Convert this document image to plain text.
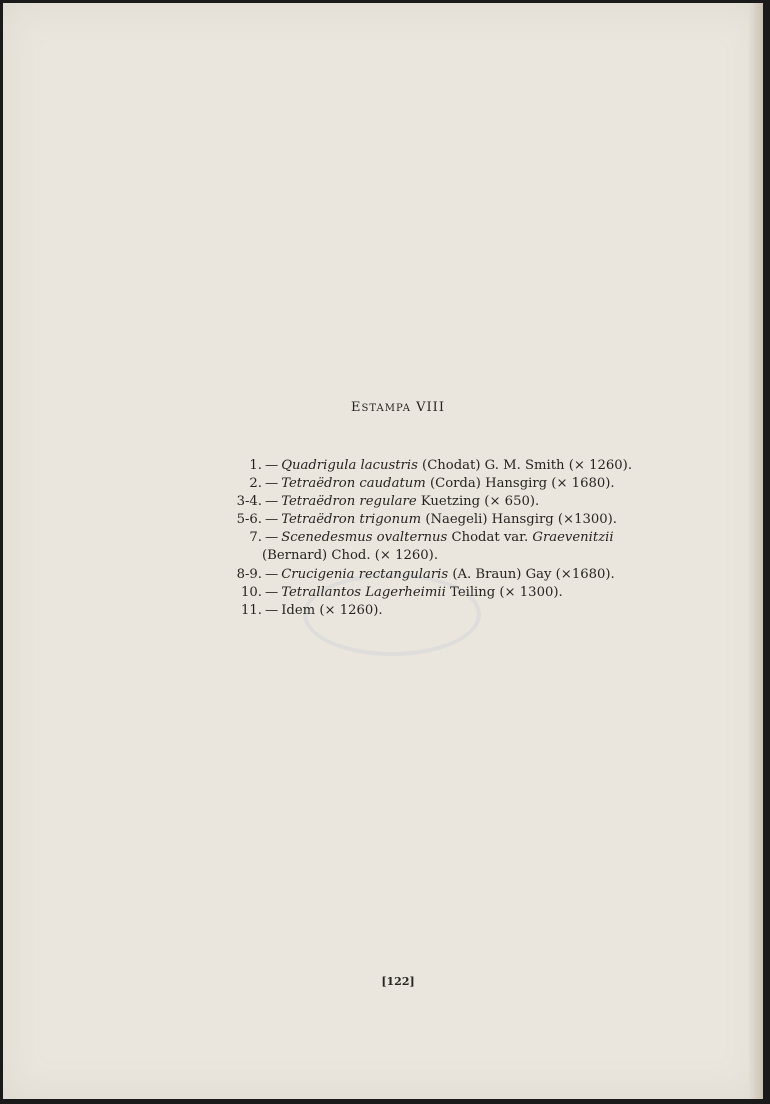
ESTAMPA VIII
1. — Quadrigula lacustris (Chodat) G. M. Smith (× 1260).
2. — Tetraëdron caudatum (Corda) Hansgirg (× 1680).
3-4. — Tetraëdron regulare Kuetzing (× 650).
5-6. — Tetraëdron trigonum (Naegeli) Hansgirg (×1300).
7. — Scenedesmus ovalternus Chodat var. Graevenitzii
(Bernard) Chod. (× 1260).
8-9. — Crucigenia rectangularis (A. Braun) Gay (×1680).
10. — Tetrallantos Lagerheimii Teiling (× 1300).
11. — Idem (× 1260).
[122]
